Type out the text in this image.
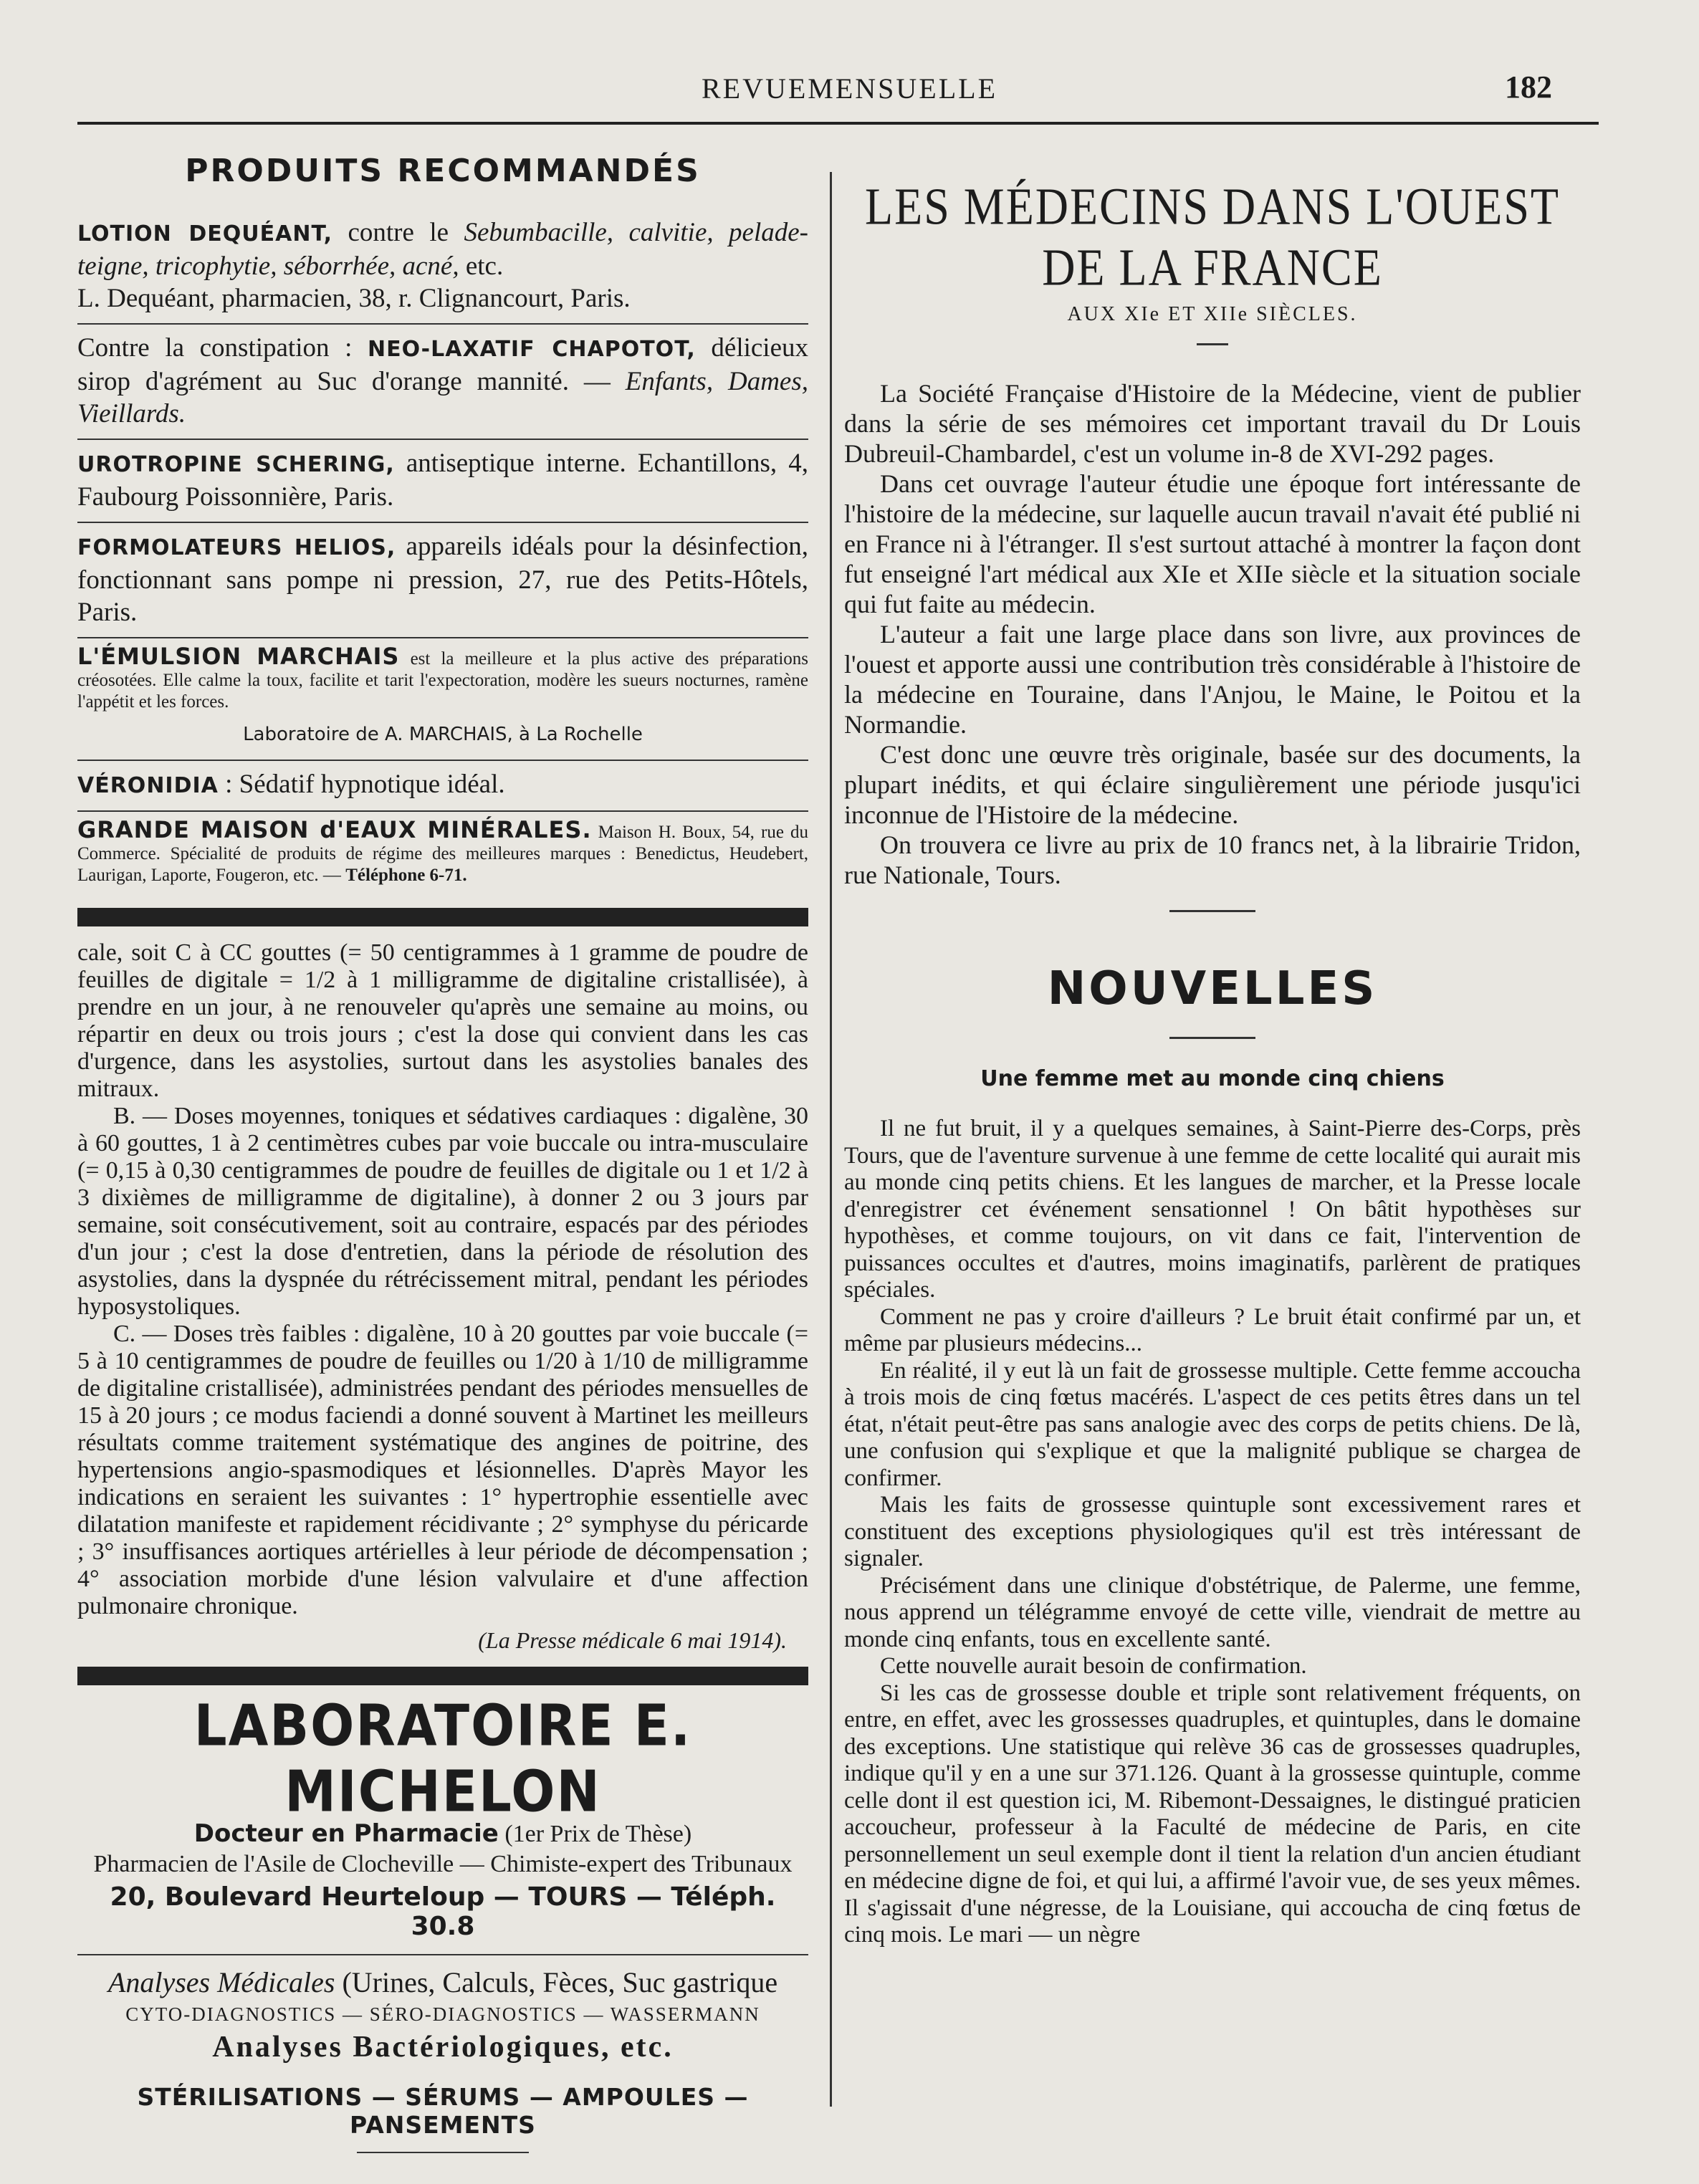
REVUEMENSUELLE	182
PRODUITS RECOMMANDÉS
LOTION DEQUÉANT, contre le Sebumbacille, calvitie, pelade-teigne, tricophytie, séborrhée, acné, etc.
L. Dequéant, pharmacien, 38, r. Clignancourt, Paris.
Contre la constipation : NEO-LAXATIF CHAPOTOT, délicieux sirop d'agrément au Suc d'orange mannité. — Enfants, Dames, Vieillards.
UROTROPINE SCHERING, antiseptique interne. Echantillons, 4, Faubourg Poissonnière, Paris.
FORMOLATEURS HELIOS, appareils idéals pour la désinfection, fonctionnant sans pompe ni pression, 27, rue des Petits-Hôtels, Paris.
L'ÉMULSION MARCHAIS est la meilleure et la plus active des préparations créosotées. Elle calme la toux, facilite et tarit l'expectoration, modère les sueurs nocturnes, ramène l'appétit et les forces.
Laboratoire de A. MARCHAIS, à La Rochelle
VÉRONIDIA : Sédatif hypnotique idéal.
GRANDE MAISON d'EAUX MINÉRALES. Maison H. Boux, 54, rue du Commerce. Spécialité de produits de régime des meilleures marques : Benedictus, Heudebert, Laurigan, Laporte, Fougeron, etc. — Téléphone 6-71.

cale, soit C à CC gouttes (= 50 centigrammes à 1 gramme de poudre de feuilles de digitale = 1/2 à 1 milligramme de digitaline cristallisée), à prendre en un jour, à ne renouveler qu'après une semaine au moins, ou répartir en deux ou trois jours ; c'est la dose qui convient dans les cas d'urgence, dans les asystolies, surtout dans les asystolies banales des mitraux.

B. — Doses moyennes, toniques et sédatives cardiaques : digalène, 30 à 60 gouttes, 1 à 2 centimètres cubes par voie buccale ou intra-musculaire (= 0,15 à 0,30 centigrammes de poudre de feuilles de digitale ou 1 et 1/2 à 3 dixièmes de milligramme de digitaline), à donner 2 ou 3 jours par semaine, soit consécutivement, soit au contraire, espacés par des périodes d'un jour ; c'est la dose d'entretien, dans la période de résolution des asystolies, dans la dyspnée du rétrécissement mitral, pendant les périodes hyposystoliques.

C. — Doses très faibles : digalène, 10 à 20 gouttes par voie buccale (= 5 à 10 centigrammes de poudre de feuilles ou 1/20 à 1/10 de milligramme de digitaline cristallisée), administrées pendant des périodes mensuelles de 15 à 20 jours ; ce modus faciendi a donné souvent à Martinet les meilleurs résultats comme traitement systématique des angines de poitrine, des hypertensions angio-spasmodiques et lésionnelles. D'après Mayor les indications en seraient les suivantes : 1° hypertrophie essentielle avec dilatation manifeste et rapidement récidivante ; 2° symphyse du péricarde ; 3° insuffisances aortiques artérielles à leur période de décompensation ; 4° association morbide d'une lésion valvulaire et d'une affection pulmonaire chronique.

(La Presse médicale 6 mai 1914).
LABORATOIRE E. MICHELON
Docteur en Pharmacie (1er Prix de Thèse)
Pharmacien de l'Asile de Clocheville — Chimiste-expert des Tribunaux
20, Boulevard Heurteloup — TOURS — Téléph. 30.8
Analyses Médicales (Urines, Calculs, Fèces, Suc gastrique
CYTO-DIAGNOSTICS — SÉRO-DIAGNOSTICS — WASSERMANN
Analyses Bactériologiques, etc.
STÉRILISATIONS — SÉRUMS — AMPOULES — PANSEMENTS
LES MÉDECINS DANS L'OUEST DE LA FRANCE
AUX XIe ET XIIe SIÈCLES.

La Société Française d'Histoire de la Médecine, vient de publier dans la série de ses mémoires cet important travail du Dr Louis Dubreuil-Chambardel, c'est un volume in-8 de XVI-292 pages.

Dans cet ouvrage l'auteur étudie une époque fort intéressante de l'histoire de la médecine, sur laquelle aucun travail n'avait été publié ni en France ni à l'étranger. Il s'est surtout attaché à montrer la façon dont fut enseigné l'art médical aux XIe et XIIe siècle et la situation sociale qui fut faite au médecin.

L'auteur a fait une large place dans son livre, aux provinces de l'ouest et apporte aussi une contribution très considérable à l'histoire de la médecine en Touraine, dans l'Anjou, le Maine, le Poitou et la Normandie.

C'est donc une œuvre très originale, basée sur des documents, la plupart inédits, et qui éclaire singulièrement une période jusqu'ici inconnue de l'Histoire de la médecine.

On trouvera ce livre au prix de 10 francs net, à la librairie Tridon, rue Nationale, Tours.

NOUVELLES
Une femme met au monde cinq chiens

Il ne fut bruit, il y a quelques semaines, à Saint-Pierre des-Corps, près Tours, que de l'aventure survenue à une femme de cette localité qui aurait mis au monde cinq petits chiens. Et les langues de marcher, et la Presse locale d'enregistrer cet événement sensationnel ! On bâtit hypothèses sur hypothèses, et comme toujours, on vit dans ce fait, l'intervention de puissances occultes et d'autres, moins imaginatifs, parlèrent de pratiques spéciales.

Comment ne pas y croire d'ailleurs ? Le bruit était confirmé par un, et même par plusieurs médecins...

En réalité, il y eut là un fait de grossesse multiple. Cette femme accoucha à trois mois de cinq fœtus macérés. L'aspect de ces petits êtres dans un tel état, n'était peut-être pas sans analogie avec des corps de petits chiens. De là, une confusion qui s'explique et que la malignité publique se chargea de confirmer.

Mais les faits de grossesse quintuple sont excessivement rares et constituent des exceptions physiologiques qu'il est très intéressant de signaler.

Précisément dans une clinique d'obstétrique, de Palerme, une femme, nous apprend un télégramme envoyé de cette ville, viendrait de mettre au monde cinq enfants, tous en excellente santé.

Cette nouvelle aurait besoin de confirmation.

Si les cas de grossesse double et triple sont relativement fréquents, on entre, en effet, avec les grossesses quadruples, et quintuples, dans le domaine des exceptions. Une statistique qui relève 36 cas de grossesses quadruples, indique qu'il y en a une sur 371.126. Quant à la grossesse quintuple, comme celle dont il est question ici, M. Ribemont-Dessaignes, le distingué praticien accoucheur, professeur à la Faculté de médecine de Paris, en cite personnellement un seul exemple dont il tient la relation d'un ancien étudiant en médecine digne de foi, et qui lui, a affirmé l'avoir vue, de ses yeux mêmes. Il s'agissait d'une négresse, de la Louisiane, qui accoucha de cinq fœtus de cinq mois. Le mari — un nègre
